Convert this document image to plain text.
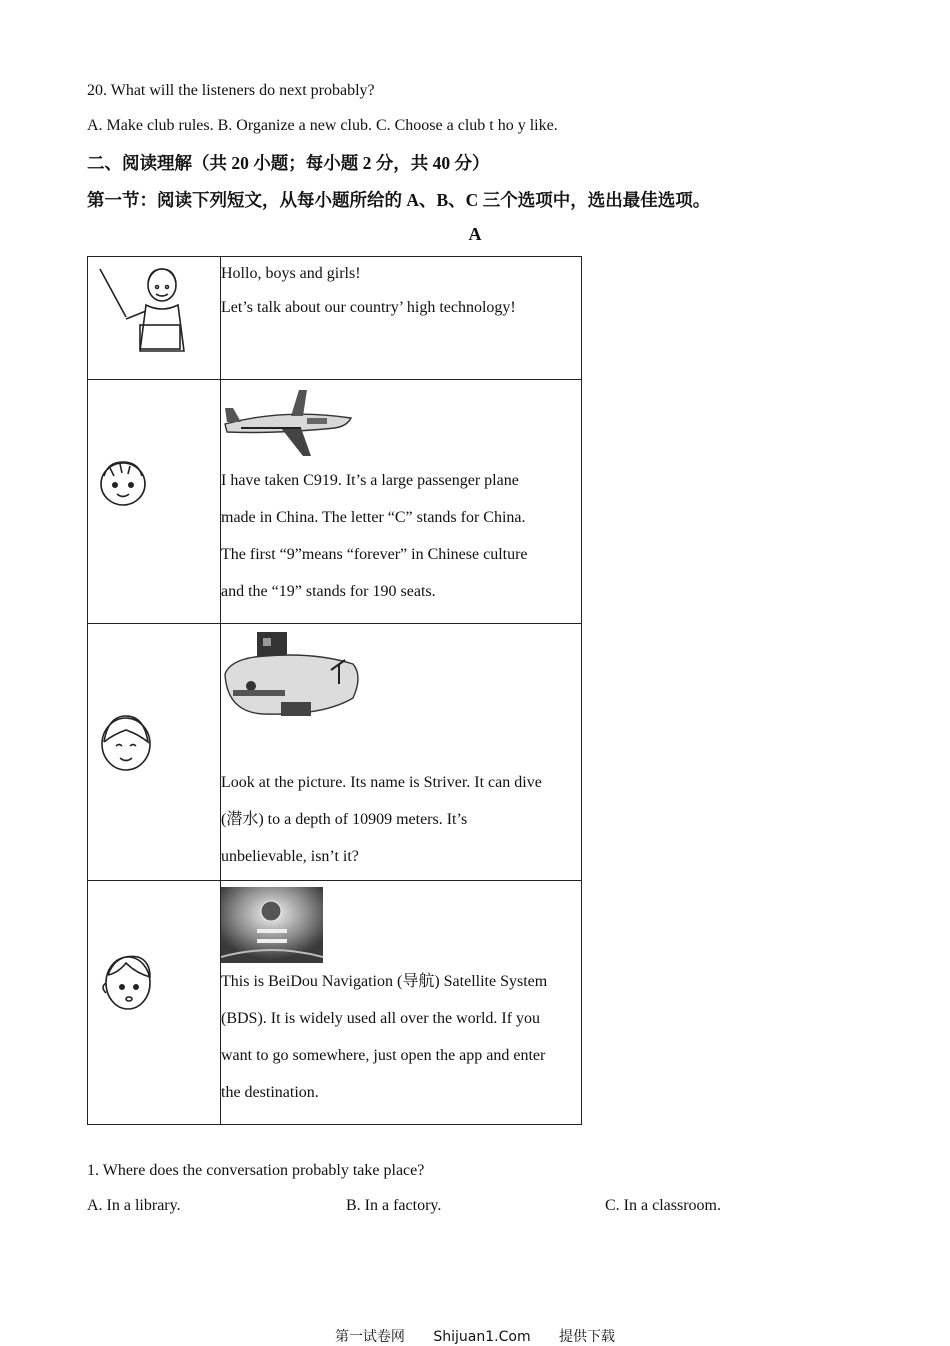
20. What will the listeners do next probably?
A. Make club rules. B. Organize a new club. C. Choose a club t ho y like.
二、阅读理解（共 20 小题；每小题 2 分，共 40 分）
第一节：阅读下列短文，从每小题所给的 A、B、C 三个选项中，选出最佳选项。
A

Hollo, boys and girls!

Let’s talk about our country’ high technology!

I have taken C919. It’s a large passenger plane

made in China. The letter “C” stands for China.

The first “9”means “forever” in Chinese culture

and the “19” stands for 190 seats.

Look at the picture. Its name is Striver. It can dive

(潜水) to a depth of 10909 meters. It’s

unbelievable, isn’t it?

This is BeiDou Navigation (导航) Satellite System

(BDS). It is widely used all over the world. If you

want to go somewhere, just open the app and enter

the destination.

1. Where does the conversation probably take place?
A. In a library.	B. In a factory.	C. In a classroom.
第一试卷网 Shijuan1.Com 提供下载
